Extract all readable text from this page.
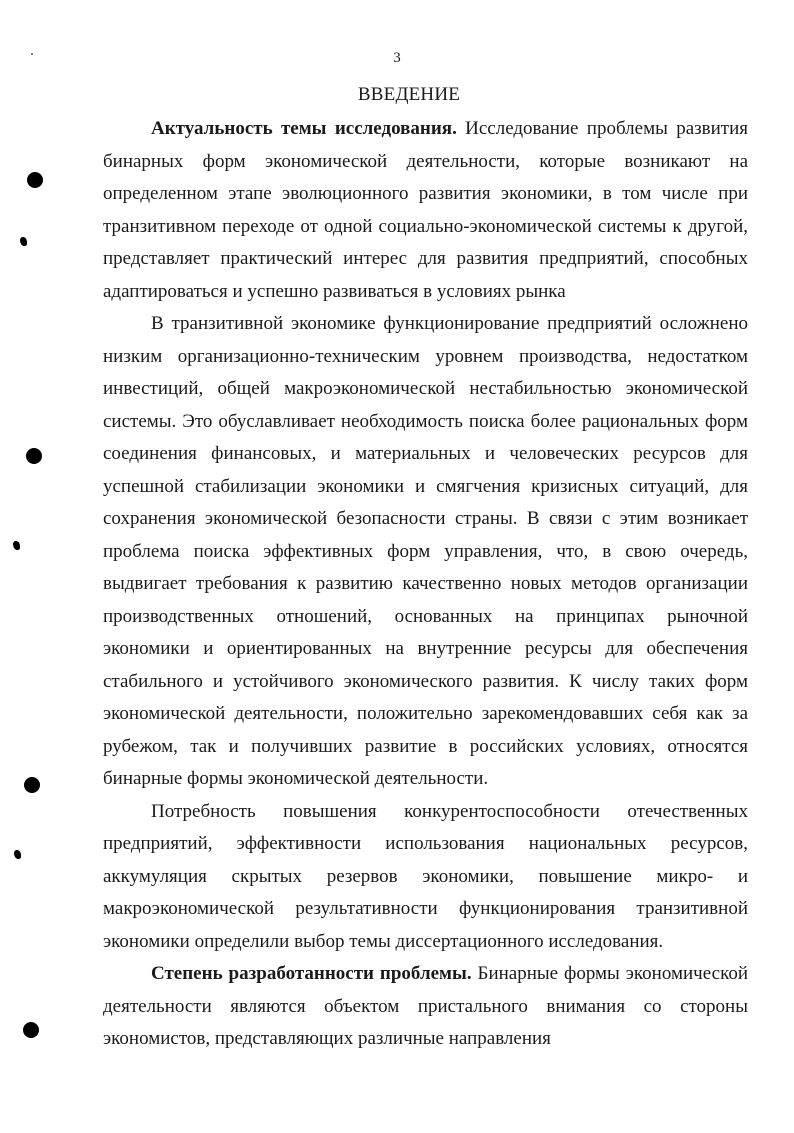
3
ВВЕДЕНИЕ

Актуальность темы исследования. Исследование проблемы развития бинарных форм экономической деятельности, которые возникают на определенном этапе эволюционного развития экономики, в том числе при транзитивном переходе от одной социально-экономической системы к другой, представляет практический интерес для развития предприятий, способных адаптироваться и успешно развиваться в условиях рынка

В транзитивной экономике функционирование предприятий осложнено низким организационно-техническим уровнем производства, недостатком инвестиций, общей макроэкономической нестабильностью экономической системы. Это обуславливает необходимость поиска более рациональных форм соединения финансовых, и материальных и человеческих ресурсов для успешной стабилизации экономики и смягчения кризисных ситуаций, для сохранения экономической безопасности страны. В связи с этим возникает проблема поиска эффективных форм управления, что, в свою очередь, выдвигает требования к развитию качественно новых методов организации производственных отношений, основанных на принципах рыночной экономики и ориентированных на внутренние ресурсы для обеспечения стабильного и устойчивого экономического развития. К числу таких форм экономической деятельности, положительно зарекомендовавших себя как за рубежом, так и получивших развитие в российских условиях, относятся бинарные формы экономической деятельности.

Потребность повышения конкурентоспособности отечественных предприятий, эффективности использования национальных ресурсов, аккумуляция скрытых резервов экономики, повышение микро- и макроэкономической результативности функционирования транзитивной экономики определили выбор темы диссертационного исследования.

Степень разработанности проблемы. Бинарные формы экономической деятельности являются объектом пристального внимания со стороны экономистов, представляющих различные направления
